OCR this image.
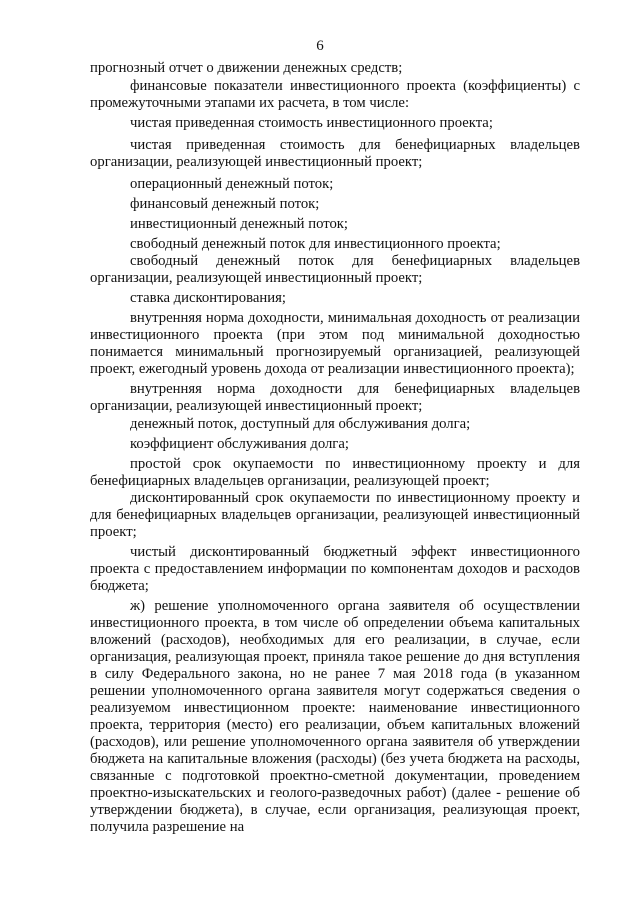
6

прогнозный отчет о движении денежных средств;

финансовые показатели инвестиционного проекта (коэффициенты) с промежуточными этапами их расчета, в том числе:

чистая приведенная стоимость инвестиционного проекта;

чистая приведенная стоимость для бенефициарных владельцев организации, реализующей инвестиционный проект;

операционный денежный поток;

финансовый денежный поток;

инвестиционный денежный поток;

свободный денежный поток для инвестиционного проекта;

свободный денежный поток для бенефициарных владельцев организации, реализующей инвестиционный проект;

ставка дисконтирования;

внутренняя норма доходности, минимальная доходность от реализации инвестиционного проекта (при этом под минимальной доходностью понимается минимальный прогнозируемый организацией, реализующей проект, ежегодный уровень дохода от реализации инвестиционного проекта);

внутренняя норма доходности для бенефициарных владельцев организации, реализующей инвестиционный проект;

денежный поток, доступный для обслуживания долга;

коэффициент обслуживания долга;

простой срок окупаемости по инвестиционному проекту и для бенефициарных владельцев организации, реализующей проект;

дисконтированный срок окупаемости по инвестиционному проекту и для бенефициарных владельцев организации, реализующей инвестиционный проект;

чистый дисконтированный бюджетный эффект инвестиционного проекта с предоставлением информации по компонентам доходов и расходов бюджета;

ж) решение уполномоченного органа заявителя об осуществлении инвестиционного проекта, в том числе об определении объема капитальных вложений (расходов), необходимых для его реализации, в случае, если организация, реализующая проект, приняла такое решение до дня вступления в силу Федерального закона, но не ранее 7 мая 2018 года (в указанном решении уполномоченного органа заявителя могут содержаться сведения о реализуемом инвестиционном проекте: наименование инвестиционного проекта, территория (место) его реализации, объем капитальных вложений (расходов), или решение уполномоченного органа заявителя об утверждении бюджета на капитальные вложения (расходы) (без учета бюджета на расходы, связанные с подготовкой проектно-сметной документации, проведением проектно-изыскательских и геолого-разведочных работ) (далее - решение об утверждении бюджета), в случае, если организация, реализующая проект, получила разрешение на
